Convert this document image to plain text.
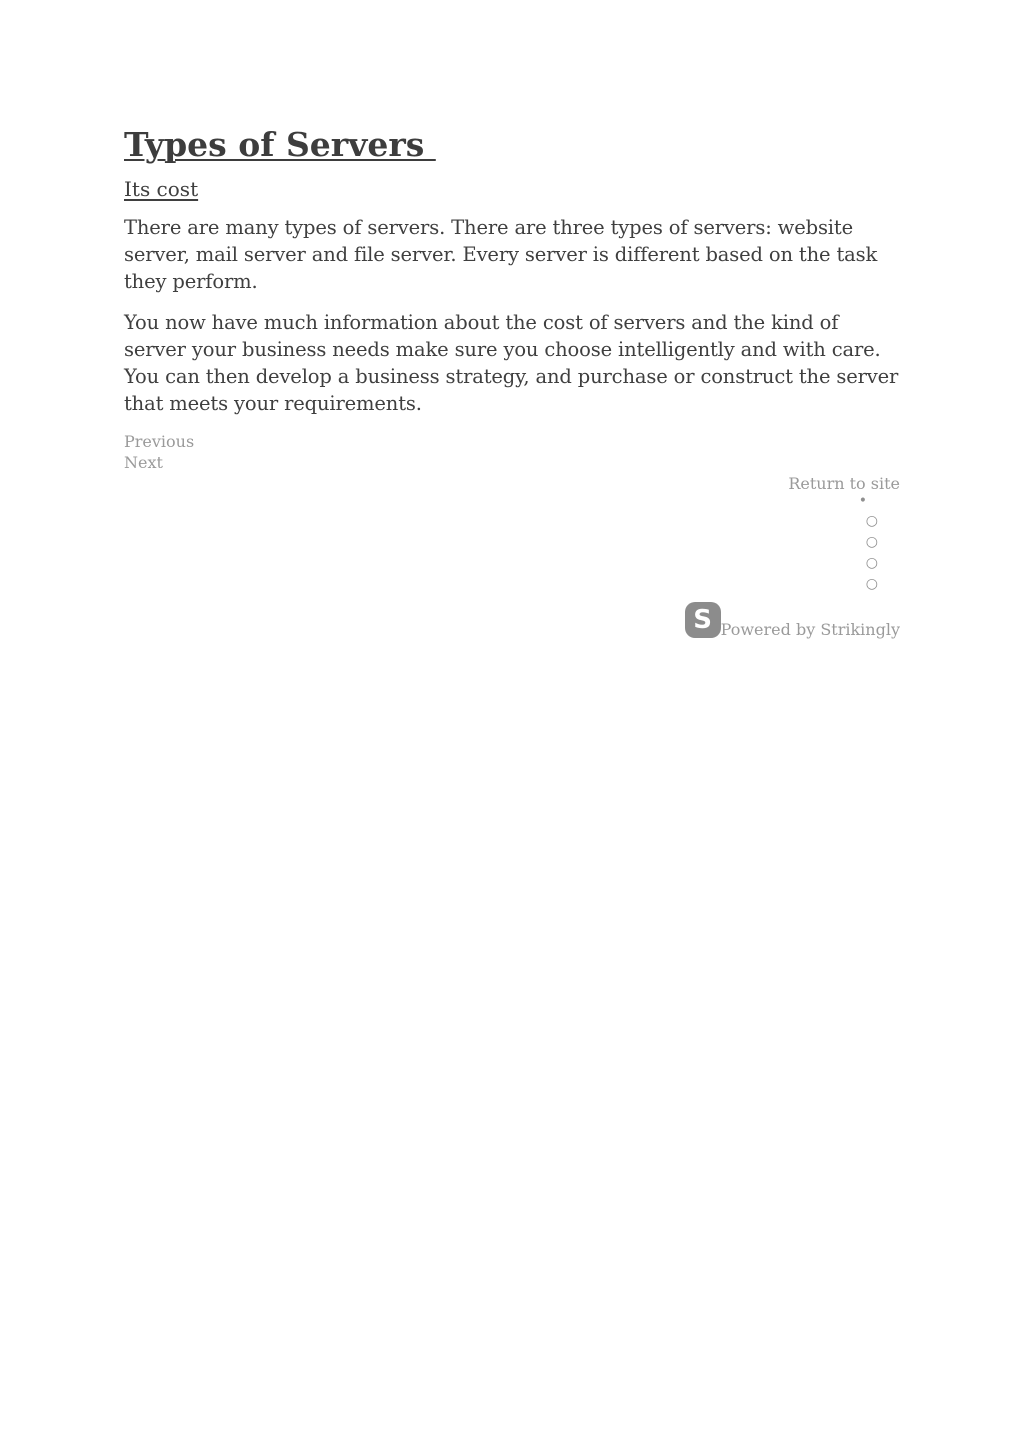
Types of Servers
Its cost

There are many types of servers. There are three types of servers: website server, mail server and file server. Every server is different based on the task they perform.

You now have much information about the cost of servers and the kind of server your business needs make sure you choose intelligently and with care. You can then develop a business strategy, and purchase or construct the server that meets your requirements.

Previous
Next
Return to site
•
○
○
○
○
S Powered by Strikingly
